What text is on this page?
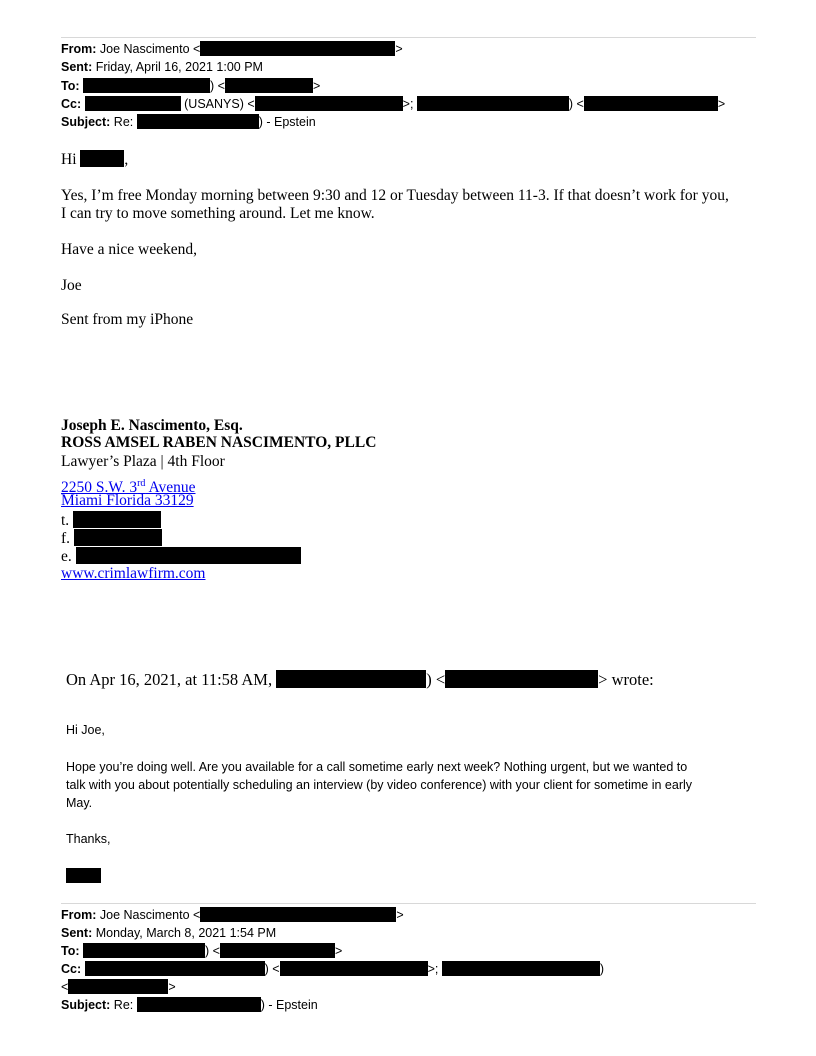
From: Joe Nascimento <	>
Sent: Friday, April 16, 2021 1:00 PM
To:	) <	>
Cc:	(USANYS) <	>;	) <	>
Subject: Re:	) - Epstein
Hi	,
Yes, I’m free Monday morning between 9:30 and 12 or Tuesday between 11-3. If that doesn’t work for you,
I can try to move something around. Let me know.
Have a nice weekend,
Joe
Sent from my iPhone
Joseph E. Nascimento, Esq.
ROSS AMSEL RABEN NASCIMENTO, PLLC
Lawyer’s Plaza | 4th Floor
2250 S.W. 3rd Avenue
Miami Florida 33129
t.
f.
e.
www.crimlawfirm.com
On Apr 16, 2021, at 11:58 AM,	) <	> wrote:
Hi Joe,
Hope you’re doing well. Are you available for a call sometime early next week? Nothing urgent, but we wanted to
talk with you about potentially scheduling an interview (by video conference) with your client for sometime in early
May.
Thanks,
From: Joe Nascimento <	>
Sent: Monday, March 8, 2021 1:54 PM
To:	) <	>
Cc:	) <	>;	)
<	>
Subject: Re:	) - Epstein
